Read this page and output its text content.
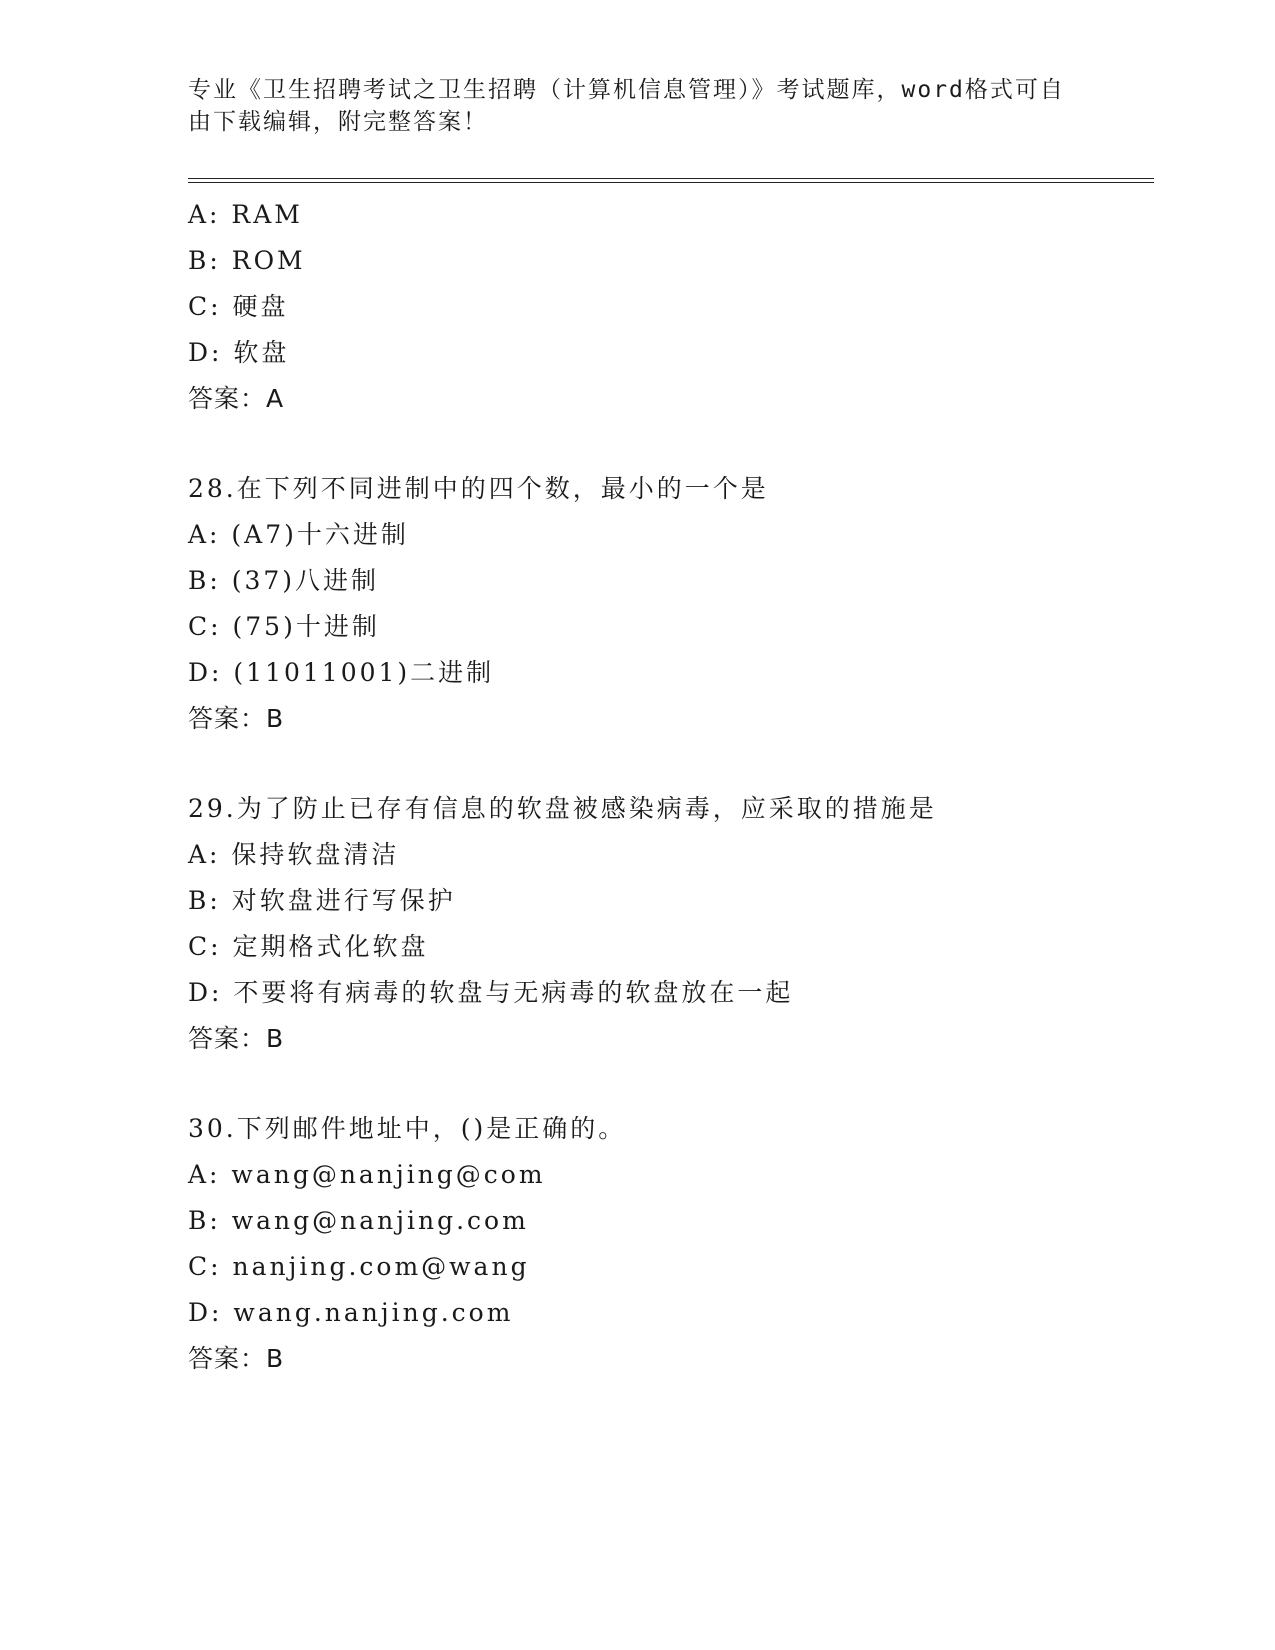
专业《卫生招聘考试之卫生招聘（计算机信息管理）》考试题库，word格式可自
由下载编辑，附完整答案！
A: RAM
B: ROM
C: 硬盘
D: 软盘
答案：A
28.在下列不同进制中的四个数，最小的一个是
A: (A7)十六进制
B: (37)八进制
C: (75)十进制
D: (11011001)二进制
答案：B
29.为了防止已存有信息的软盘被感染病毒，应采取的措施是
A: 保持软盘清洁
B: 对软盘进行写保护
C: 定期格式化软盘
D: 不要将有病毒的软盘与无病毒的软盘放在一起
答案：B
30.下列邮件地址中，()是正确的。
A: wang@nanjing@com
B: wang@nanjing.com
C: nanjing.com@wang
D: wang.nanjing.com
答案：B
